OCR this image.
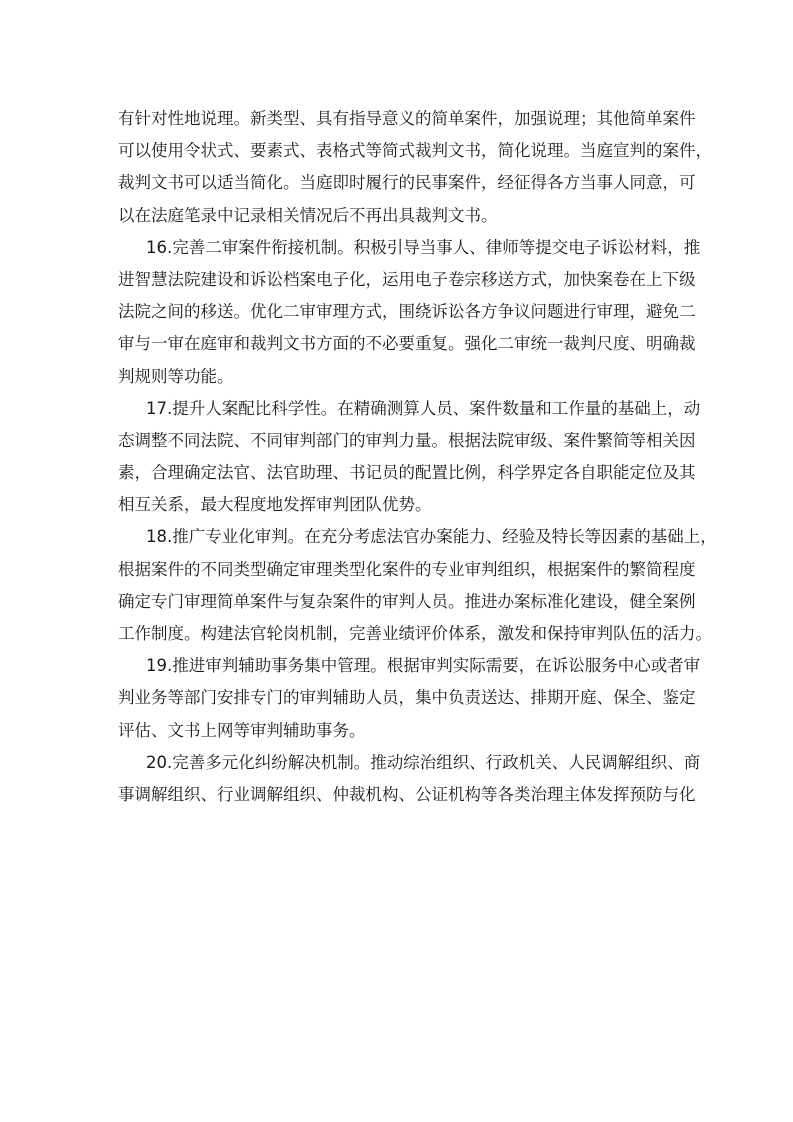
有 针 对 性 地 说 理 。 新 类 型 、 具 有 指 导 意 义 的 简 单 案 件 ， 加 强 说 理 ； 其 他 简 单 案 件
可 以 使 用 令 状 式 、 要 素 式 、 表 格 式 等 简 式 裁 判 文 书 ， 简 化 说 理 。 当 庭 宣 判 的 案 件 ，
裁 判 文 书 可 以 适 当 简 化 。 当 庭 即 时 履 行 的 民 事 案 件 ， 经 征 得 各 方 当 事 人 同 意 ， 可
以在法庭笔录中记录相关情况后不再出具裁判文书。
1 6 . 完 善 二 审 案 件 衔 接 机 制 。 积 极 引 导 当 事 人 、 律 师 等 提 交 电 子 诉 讼 材 料 ， 推
进 智 慧 法 院 建 设 和 诉 讼 档 案 电 子 化 ， 运 用 电 子 卷 宗 移 送 方 式 ， 加 快 案 卷 在 上 下 级
法 院 之 间 的 移 送 。 优 化 二 审 审 理 方 式 ， 围 绕 诉 讼 各 方 争 议 问 题 进 行 审 理 ， 避 免 二
审 与 一 审 在 庭 审 和 裁 判 文 书 方 面 的 不 必 要 重 复 。 强 化 二 审 统 一 裁 判 尺 度 、 明 确 裁
判规则等功能。
1 7 . 提 升 人 案 配 比 科 学 性 。 在 精 确 测 算 人 员 、 案 件 数 量 和 工 作 量 的 基 础 上 ， 动
态 调 整 不 同 法 院 、 不 同 审 判 部 门 的 审 判 力 量 。 根 据 法 院 审 级 、 案 件 繁 简 等 相 关 因
素 ， 合 理 确 定 法 官 、 法 官 助 理 、 书 记 员 的 配 置 比 例 ， 科 学 界 定 各 自 职 能 定 位 及 其
相互关系，最大程度地发挥审判团队优势。
1 8 . 推 广 专 业 化 审 判 。 在 充 分 考 虑 法 官 办 案 能 力 、 经 验 及 特 长 等 因 素 的 基 础 上 ，
根 据 案 件 的 不 同 类 型 确 定 审 理 类 型 化 案 件 的 专 业 审 判 组 织 ， 根 据 案 件 的 繁 简 程 度
确 定 专 门 审 理 简 单 案 件 与 复 杂 案 件 的 审 判 人 员 。 推 进 办 案 标 准 化 建 设 ， 健 全 案 例
工作制度。构建法官轮岗机制，完善业绩评价体系，激发和保持审判队伍的活力。
1 9 . 推 进 审 判 辅 助 事 务 集 中 管 理 。 根 据 审 判 实 际 需 要 ， 在 诉 讼 服 务 中 心 或 者 审
判 业 务 等 部 门 安 排 专 门 的 审 判 辅 助 人 员 ， 集 中 负 责 送 达 、 排 期 开 庭 、 保 全 、 鉴 定
评估、文书上网等审判辅助事务。
2 0 . 完 善 多 元 化 纠 纷 解 决 机 制 。 推 动 综 治 组 织 、 行 政 机 关 、 人 民 调 解 组 织 、 商
事 调 解 组 织 、 行 业 调 解 组 织 、 仲 裁 机 构 、 公 证 机 构 等 各 类 治 理 主 体 发 挥 预 防 与 化
